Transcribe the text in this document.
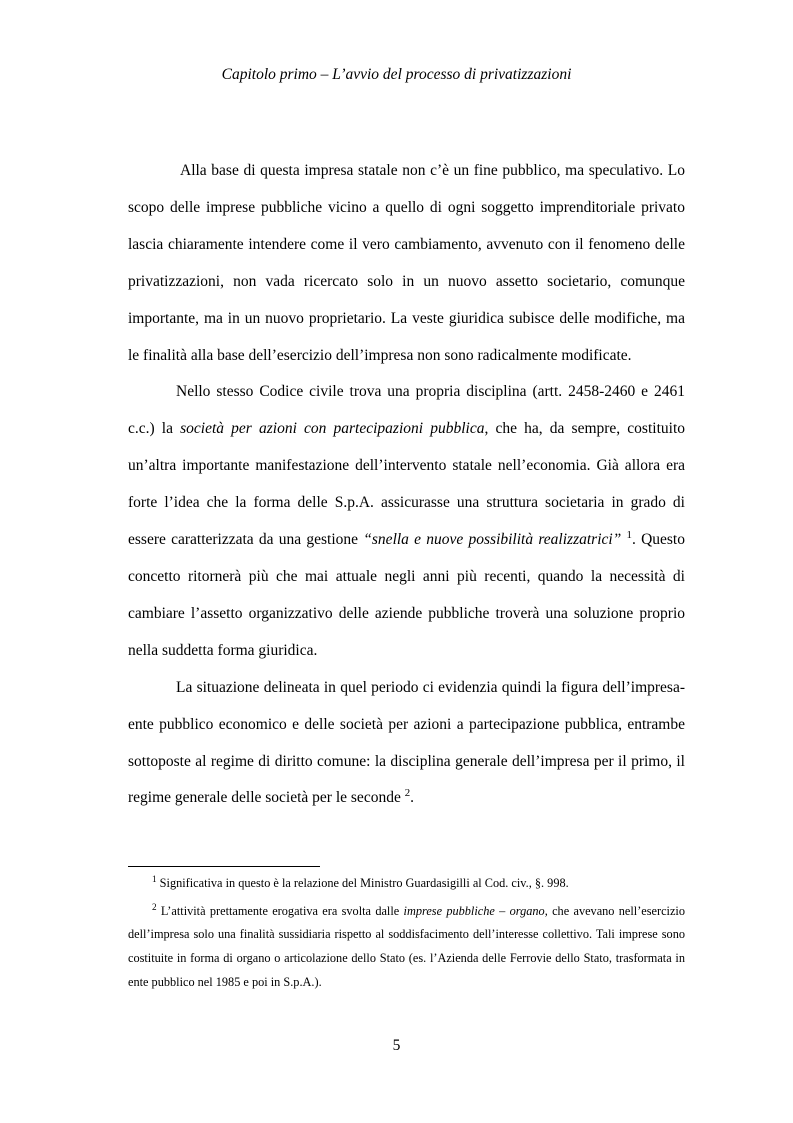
Capitolo primo – L’avvio del processo di privatizzazioni

Alla base di questa impresa statale non c’è un fine pubblico, ma speculativo. Lo scopo delle imprese pubbliche vicino a quello di ogni soggetto imprenditoriale privato lascia chiaramente intendere come il vero cambiamento, avvenuto con il fenomeno delle privatizzazioni, non vada ricercato solo in un nuovo assetto societario, comunque importante, ma in un nuovo proprietario. La veste giuridica subisce delle modifiche, ma le finalità alla base dell’esercizio dell’impresa non sono radicalmente modificate.

Nello stesso Codice civile trova una propria disciplina (artt. 2458-2460 e 2461 c.c.) la società per azioni con partecipazioni pubblica, che ha, da sempre, costituito un’altra importante manifestazione dell’intervento statale nell’economia. Già allora era forte l’idea che la forma delle S.p.A. assicurasse una struttura societaria in grado di essere caratterizzata da una gestione “snella e nuove possibilità realizzatrici” $^1$. Questo concetto ritornerà più che mai attuale negli anni più recenti, quando la necessità di cambiare l’assetto organizzativo delle aziende pubbliche troverà una soluzione proprio nella suddetta forma giuridica.

La situazione delineata in quel periodo ci evidenzia quindi la figura dell’impresa-ente pubblico economico e delle società per azioni a partecipazione pubblica, entrambe sottoposte al regime di diritto comune: la disciplina generale dell’impresa per il primo, il regime generale delle società per le seconde $^2$.

$^1$ Significativa in questo è la relazione del Ministro Guardasigilli al Cod. civ., §. 998.

$^2$ L’attività prettamente erogativa era svolta dalle imprese pubbliche – organo, che avevano nell’esercizio dell’impresa solo una finalità sussidiaria rispetto al soddisfacimento dell’interesse collettivo. Tali imprese sono costituite in forma di organo o articolazione dello Stato (es. l’Azienda delle Ferrovie dello Stato, trasformata in ente pubblico nel 1985 e poi in S.p.A.).

5
